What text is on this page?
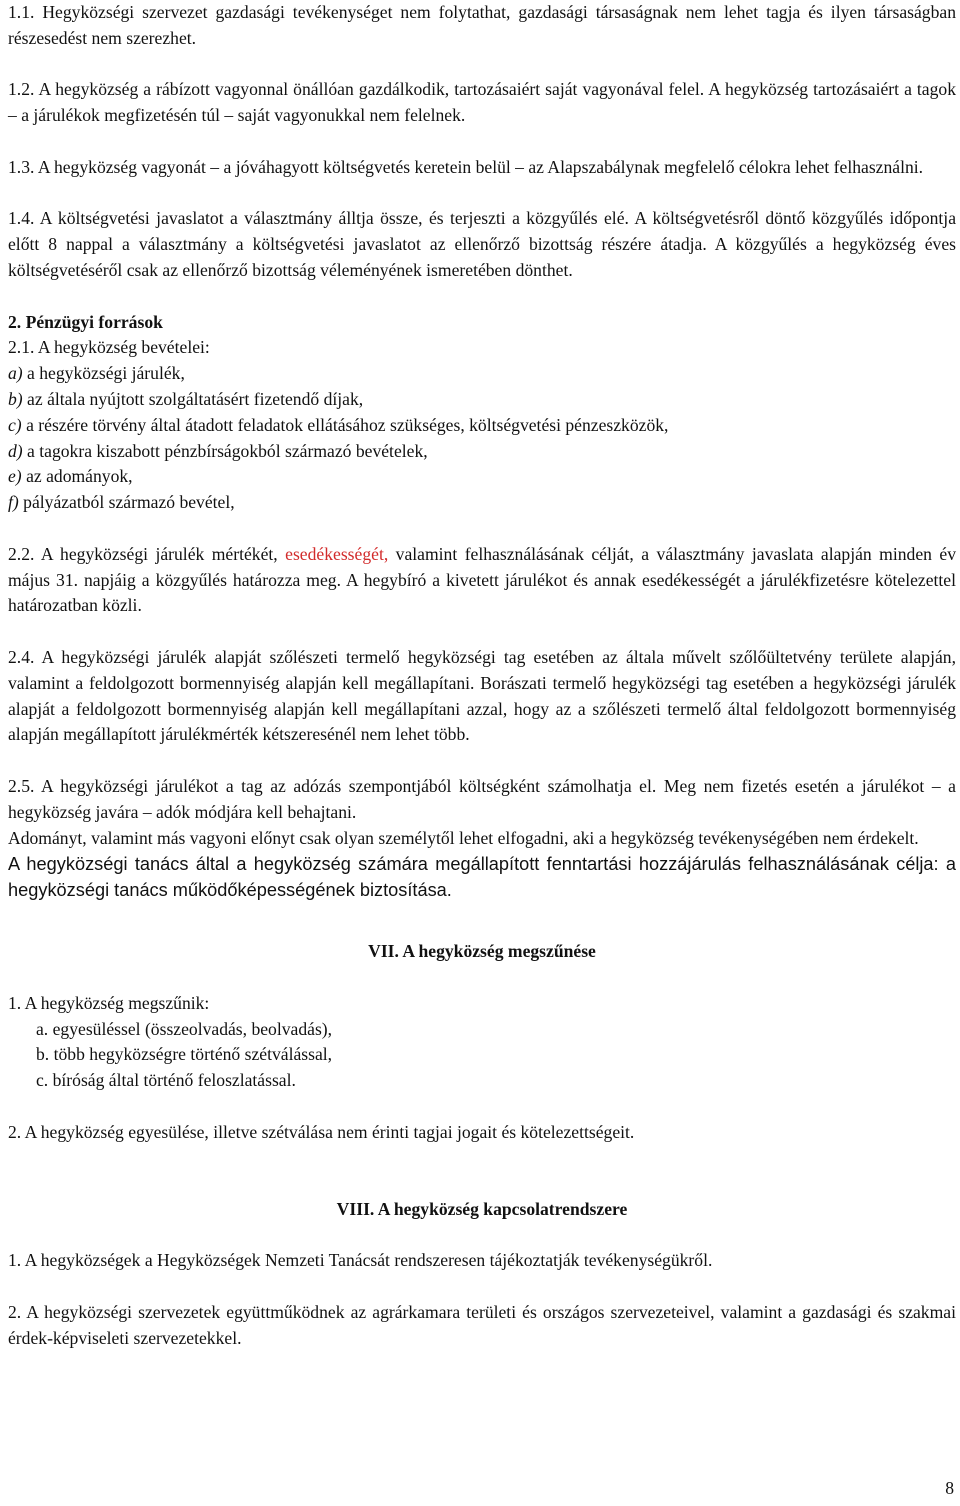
1.1. Hegyközségi szervezet gazdasági tevékenységet nem folytathat, gazdasági társaságnak nem lehet tagja és ilyen társaságban részesedést nem szerezhet.

1.2. A hegyközség a rábízott vagyonnal önállóan gazdálkodik, tartozásaiért saját vagyonával felel. A hegyközség tartozásaiért a tagok – a járulékok megfizetésén túl – saját vagyonukkal nem felelnek.

1.3. A hegyközség vagyonát – a jóváhagyott költségvetés keretein belül – az Alapszabálynak megfelelő célokra lehet felhasználni.

1.4. A költségvetési javaslatot a választmány álltja össze, és terjeszti a közgyűlés elé. A költségvetésről döntő közgyűlés időpontja előtt 8 nappal a választmány a költségvetési javaslatot az ellenőrző bizottság részére átadja. A közgyűlés a hegyközség éves költségvetéséről csak az ellenőrző bizottság véleményének ismeretében dönthet.

2. Pénzügyi források

2.1. A hegyközség bevételei:

a) a hegyközségi járulék,

b) az általa nyújtott szolgáltatásért fizetendő díjak,

c) a részére törvény által átadott feladatok ellátásához szükséges, költségvetési pénzeszközök,

d) a tagokra kiszabott pénzbírságokból származó bevételek,

e) az adományok,

f) pályázatból származó bevétel,

2.2. A hegyközségi járulék mértékét, esedékességét, valamint felhasználásának célját, a választmány javaslata alapján minden év május 31. napjáig a közgyűlés határozza meg. A hegybíró a kivetett járulékot és annak esedékességét a járulékfizetésre kötelezettel határozatban közli.

2.4. A hegyközségi járulék alapját szőlészeti termelő hegyközségi tag esetében az általa művelt szőlőültetvény területe alapján, valamint a feldolgozott bormennyiség alapján kell megállapítani. Borászati termelő hegyközségi tag esetében a hegyközségi járulék alapját a feldolgozott bormennyiség alapján kell megállapítani azzal, hogy az a szőlészeti termelő által feldolgozott bormennyiség alapján megállapított járulékmérték kétszeresénél nem lehet több.

2.5. A hegyközségi járulékot a tag az adózás szempontjából költségként számolhatja el. Meg nem fizetés esetén a járulékot – a hegyközség javára – adók módjára kell behajtani.

Adományt, valamint más vagyoni előnyt csak olyan személytől lehet elfogadni, aki a hegyközség tevékenységében nem érdekelt.

A hegyközségi tanács által a hegyközség számára megállapított fenntartási hozzájárulás felhasználásának célja: a hegyközségi tanács működőképességének biztosítása.

VII. A hegyközség megszűnése

1. A hegyközség megszűnik:

a. egyesüléssel (összeolvadás, beolvadás),

b. több hegyközségre történő szétválással,

c. bíróság által történő feloszlatással.

2. A hegyközség egyesülése, illetve szétválása nem érinti tagjai jogait és kötelezettségeit.

VIII. A hegyközség kapcsolatrendszere

1. A hegyközségek a Hegyközségek Nemzeti Tanácsát rendszeresen tájékoztatják tevékenységükről.

2. A hegyközségi szervezetek együttműködnek az agrárkamara területi és országos szervezeteivel, valamint a gazdasági és szakmai érdek-képviseleti szervezetekkel.

8
